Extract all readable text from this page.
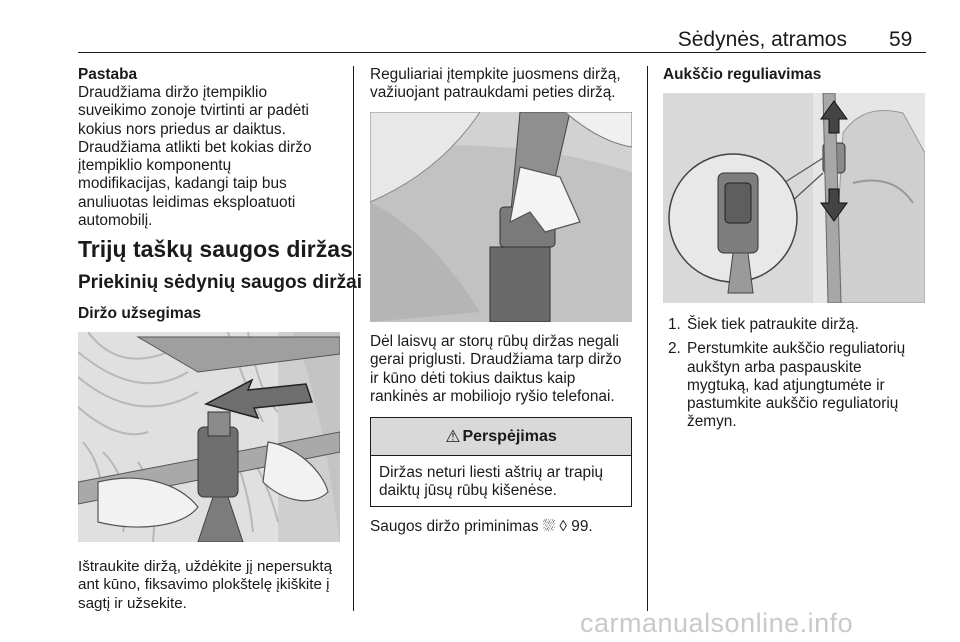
Sėdynės, atramos 59
Pastaba
Draudžiama diržo įtempiklio
suveikimo zonoje tvirtinti ar padėti
kokius nors priedus ar daiktus.
Draudžiama atlikti bet kokias diržo
įtempiklio komponentų
modifikacijas, kadangi taip bus
anuliuotas leidimas eksploatuoti
automobilį.
Trijų taškų saugos diržas
Priekinių sėdynių saugos diržai
Diržo užsegimas
Ištraukite diržą, uždėkite jį nepersuktą
ant kūno, fiksavimo plokštelę įkiškite į
sagtį ir užsekite.
Reguliariai įtempkite juosmens diržą,
važiuojant patraukdami peties diržą.
Dėl laisvų ar storų rūbų diržas negali
gerai priglusti. Draudžiama tarp diržo
ir kūno dėti tokius daiktus kaip
rankinės ar mobiliojo ryšio telefonai.
⚠ Perspėjimas
Diržas neturi liesti aštrių ar trapių
daiktų jūsų rūbų kišenėse.
Saugos diržo priminimas ⛆ ◊ 99.
Aukščio reguliavimas
1. Šiek tiek patraukite diržą.
2. Perstumkite aukščio reguliatorių
aukštyn arba paspauskite
mygtuką, kad atjungtumėte ir
pastumkite aukščio reguliatorių
žemyn.
carmanualsonline.info
